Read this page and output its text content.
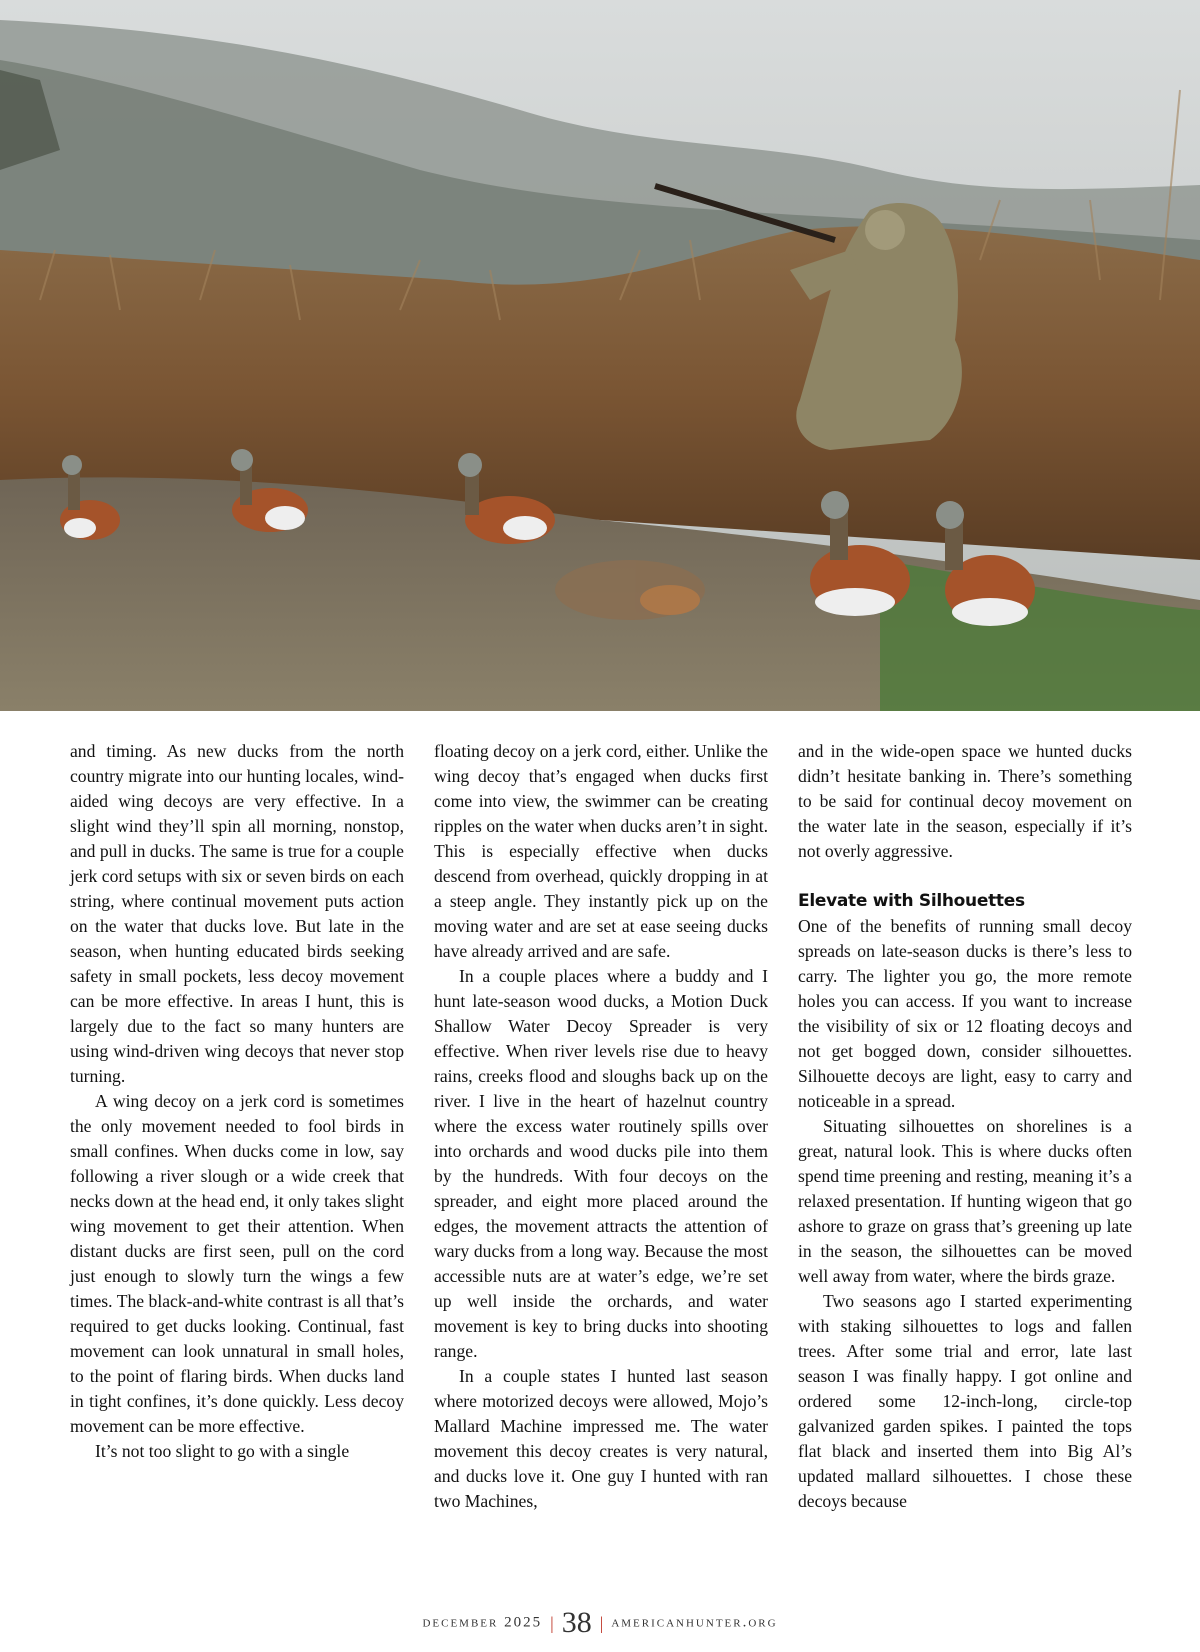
and timing. As new ducks from the north country migrate into our hunting locales, wind-aided wing decoys are very effective. In a slight wind they’ll spin all morning, nonstop, and pull in ducks. The same is true for a couple jerk cord setups with six or seven birds on each string, where continual movement puts action on the water that ducks love. But late in the season, when hunting educated birds seeking safety in small pockets, less decoy movement can be more effective. In areas I hunt, this is largely due to the fact so many hunters are using wind-driven wing decoys that never stop turning.

A wing decoy on a jerk cord is sometimes the only movement needed to fool birds in small confines. When ducks come in low, say following a river slough or a wide creek that necks down at the head end, it only takes slight wing movement to get their attention. When distant ducks are first seen, pull on the cord just enough to slowly turn the wings a few times. The black-and-white contrast is all that’s required to get ducks looking. Continual, fast movement can look unnatural in small holes, to the point of flaring birds. When ducks land in tight confines, it’s done quickly. Less decoy movement can be more effective.

It’s not too slight to go with a single

floating decoy on a jerk cord, either. Unlike the wing decoy that’s engaged when ducks first come into view, the swimmer can be creating ripples on the water when ducks aren’t in sight. This is especially effective when ducks descend from overhead, quickly dropping in at a steep angle. They instantly pick up on the moving water and are set at ease seeing ducks have already arrived and are safe.

In a couple places where a buddy and I hunt late-season wood ducks, a Motion Duck Shallow Water Decoy Spreader is very effective. When river levels rise due to heavy rains, creeks flood and sloughs back up on the river. I live in the heart of hazelnut country where the excess water routinely spills over into orchards and wood ducks pile into them by the hundreds. With four decoys on the spreader, and eight more placed around the edges, the movement attracts the attention of wary ducks from a long way. Because the most accessible nuts are at water’s edge, we’re set up well inside the orchards, and water movement is key to bring ducks into shooting range.

In a couple states I hunted last season where motorized decoys were allowed, Mojo’s Mallard Machine impressed me. The water movement this decoy creates is very natural, and ducks love it. One guy I hunted with ran two Machines,

and in the wide-open space we hunted ducks didn’t hesitate banking in. There’s something to be said for continual decoy movement on the water late in the season, especially if it’s not overly aggressive.

Elevate with Silhouettes

One of the benefits of running small decoy spreads on late-season ducks is there’s less to carry. The lighter you go, the more remote holes you can access. If you want to increase the visibility of six or 12 floating decoys and not get bogged down, consider silhouettes. Silhouette decoys are light, easy to carry and noticeable in a spread.

Situating silhouettes on shorelines is a great, natural look. This is where ducks often spend time preening and resting, meaning it’s a relaxed presentation. If hunting wigeon that go ashore to graze on grass that’s greening up late in the season, the silhouettes can be moved well away from water, where the birds graze.

Two seasons ago I started experimenting with staking silhouettes to logs and fallen trees. After some trial and error, late last season I was finally happy. I got online and ordered some 12-inch-long, circle-top galvanized garden spikes. I painted the tops flat black and inserted them into Big Al’s updated mallard silhouettes. I chose these decoys because

december 2025 | 38 | americanhunter.org
